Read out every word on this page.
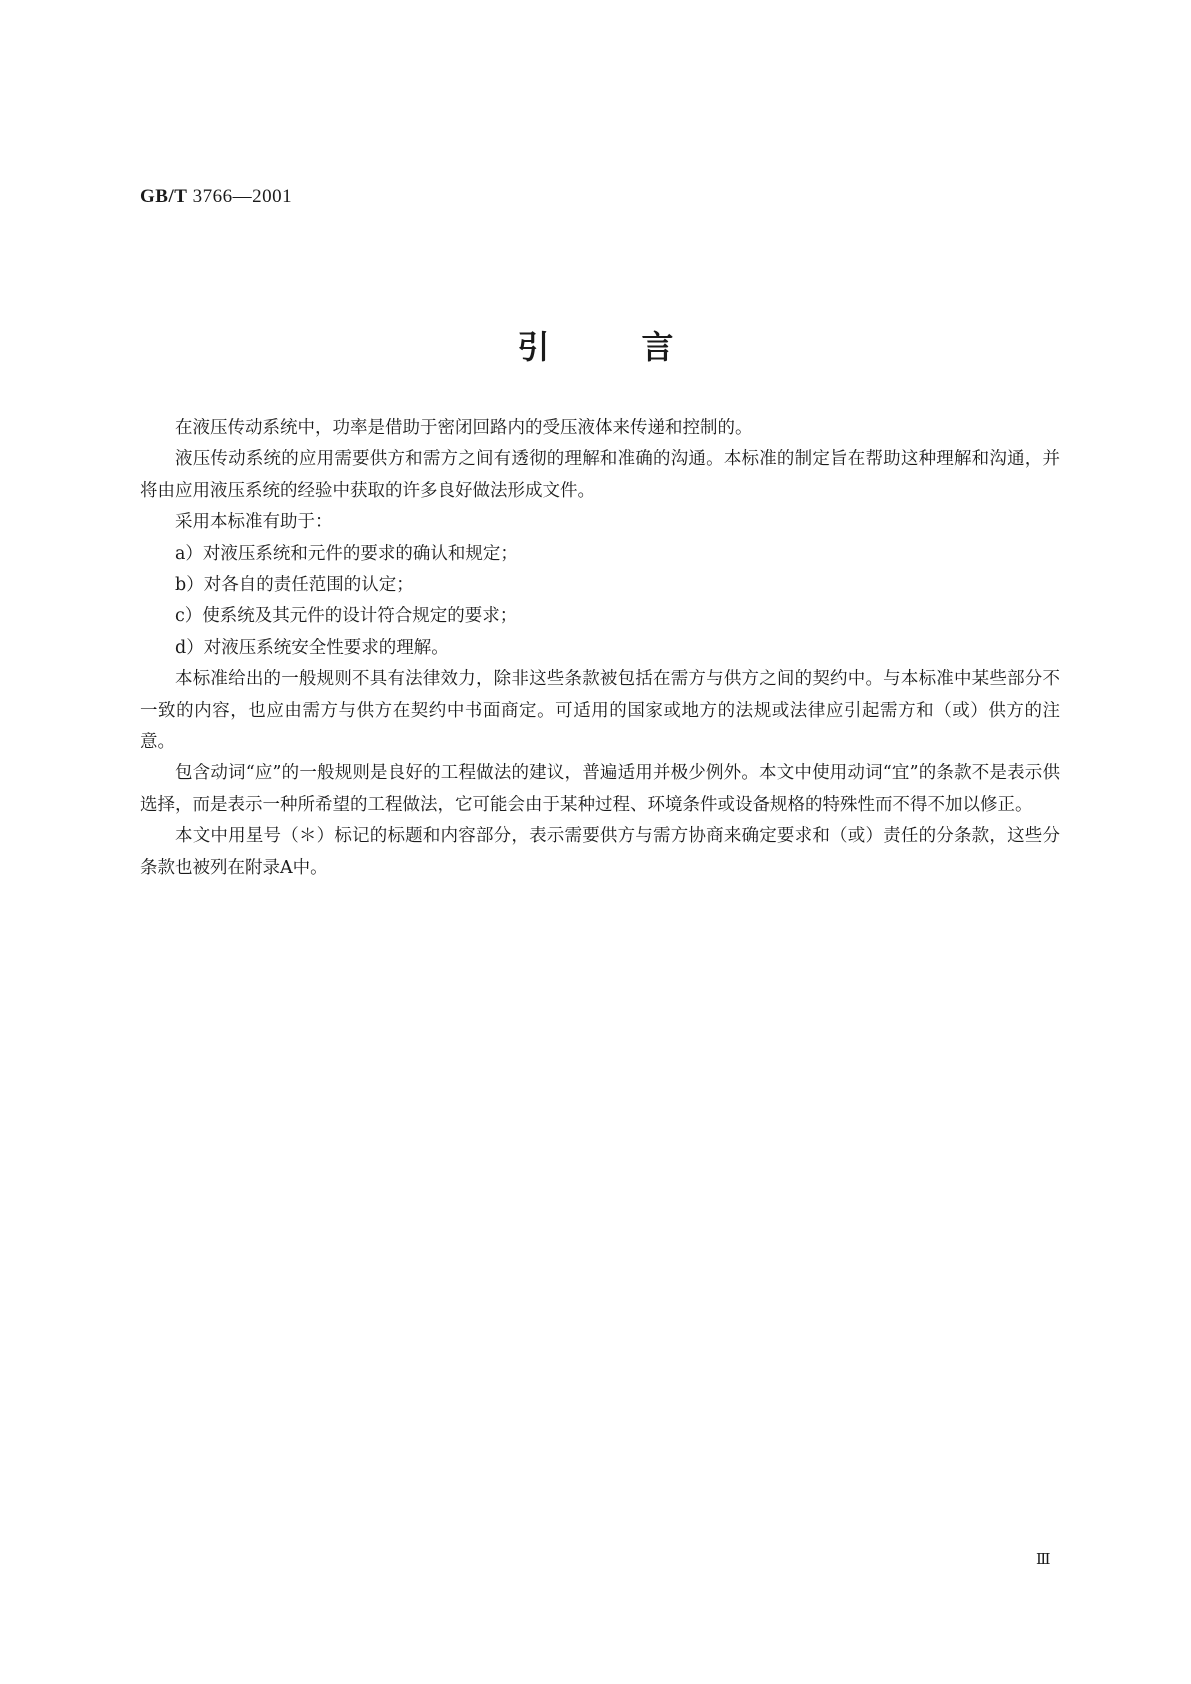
GB/T 3766—2001
引言

在液压传动系统中，功率是借助于密闭回路内的受压液体来传递和控制的。

液压传动系统的应用需要供方和需方之间有透彻的理解和准确的沟通。本标准的制定旨在帮助这种理解和沟通，并将由应用液压系统的经验中获取的许多良好做法形成文件。

采用本标准有助于：

a）对液压系统和元件的要求的确认和规定；

b）对各自的责任范围的认定；

c）使系统及其元件的设计符合规定的要求；

d）对液压系统安全性要求的理解。

本标准给出的一般规则不具有法律效力，除非这些条款被包括在需方与供方之间的契约中。与本标准中某些部分不一致的内容，也应由需方与供方在契约中书面商定。可适用的国家或地方的法规或法律应引起需方和（或）供方的注意。

包含动词“应”的一般规则是良好的工程做法的建议，普遍适用并极少例外。本文中使用动词“宜”的条款不是表示供选择，而是表示一种所希望的工程做法，它可能会由于某种过程、环境条件或设备规格的特殊性而不得不加以修正。

本文中用星号（＊）标记的标题和内容部分，表示需要供方与需方协商来确定要求和（或）责任的分条款，这些分条款也被列在附录A中。

Ⅲ
